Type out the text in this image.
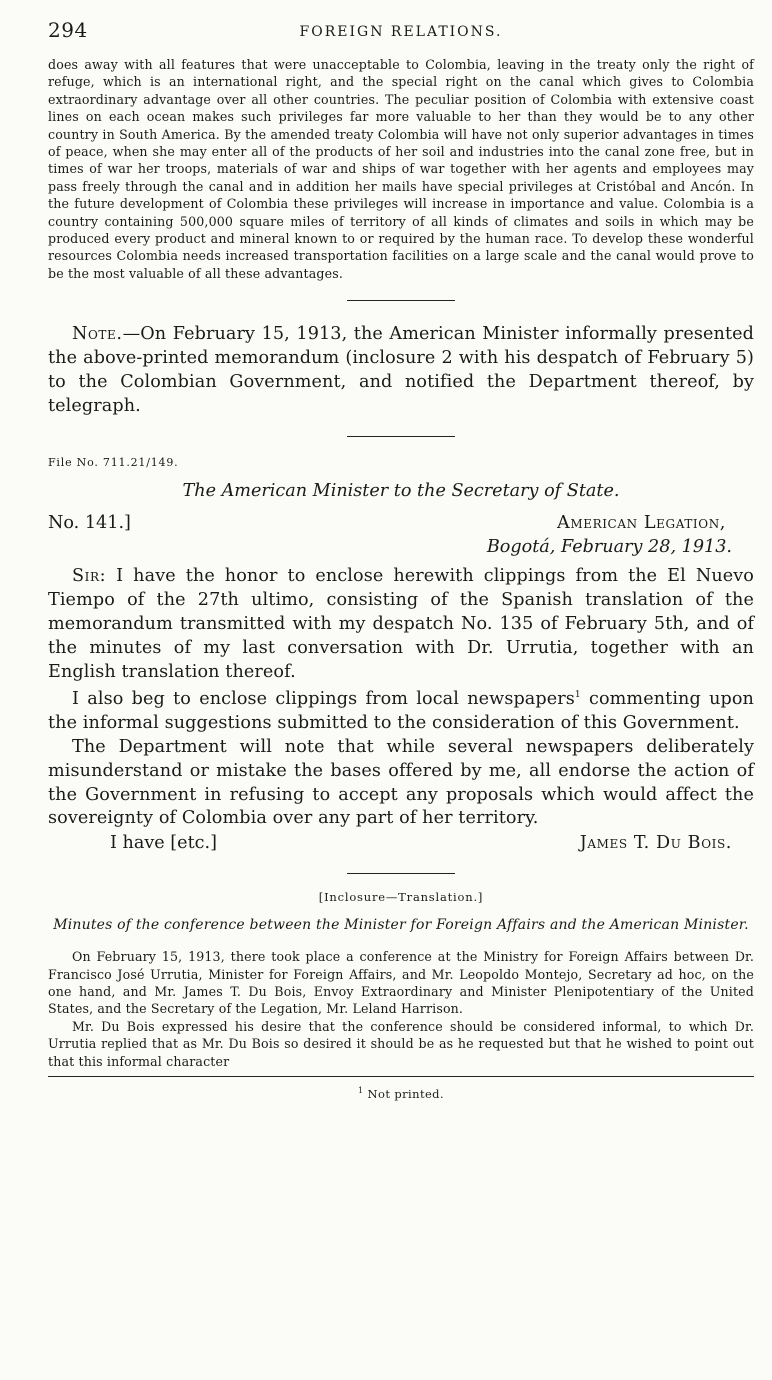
294	FOREIGN RELATIONS.

does away with all features that were unacceptable to Colombia, leaving in the treaty only the right of refuge, which is an international right, and the special right on the canal which gives to Colombia extraordinary advantage over all other countries. The peculiar position of Colombia with extensive coast lines on each ocean makes such privileges far more valuable to her than they would be to any other country in South America. By the amended treaty Colombia will have not only superior advantages in times of peace, when she may enter all of the products of her soil and industries into the canal zone free, but in times of war her troops, materials of war and ships of war together with her agents and employees may pass freely through the canal and in addition her mails have special privileges at Cristóbal and Ancón. In the future development of Colombia these privileges will increase in importance and value. Colombia is a country containing 500,000 square miles of territory of all kinds of climates and soils in which may be produced every product and mineral known to or required by the human race. To develop these wonderful resources Colombia needs increased transportation facilities on a large scale and the canal would prove to be the most valuable of all these advantages.

Note.—On February 15, 1913, the American Minister informally presented the above-printed memorandum (inclosure 2 with his despatch of February 5) to the Colombian Government, and notified the Department thereof, by telegraph.

File No. 711.21/149.

The American Minister to the Secretary of State.

No. 141.]	American Legation,
Bogotá, February 28, 1913.

Sir: I have the honor to enclose herewith clippings from the El Nuevo Tiempo of the 27th ultimo, consisting of the Spanish translation of the memorandum transmitted with my despatch No. 135 of February 5th, and of the minutes of my last conversation with Dr. Urrutia, together with an English translation thereof.

I also beg to enclose clippings from local newspapers$^1$ commenting upon the informal suggestions submitted to the consideration of this Government.

The Department will note that while several newspapers deliberately misunderstand or mistake the bases offered by me, all endorse the action of the Government in refusing to accept any proposals which would affect the sovereignty of Colombia over any part of her territory.

I have [etc.]	James T. Du Bois.

[Inclosure—Translation.]

Minutes of the conference between the Minister for Foreign Affairs and the American Minister.

On February 15, 1913, there took place a conference at the Ministry for Foreign Affairs between Dr. Francisco José Urrutia, Minister for Foreign Affairs, and Mr. Leopoldo Montejo, Secretary ad hoc, on the one hand, and Mr. James T. Du Bois, Envoy Extraordinary and Minister Plenipotentiary of the United States, and the Secretary of the Legation, Mr. Leland Harrison.

Mr. Du Bois expressed his desire that the conference should be considered informal, to which Dr. Urrutia replied that as Mr. Du Bois so desired it should be as he requested but that he wished to point out that this informal character

$^1$ Not printed.
